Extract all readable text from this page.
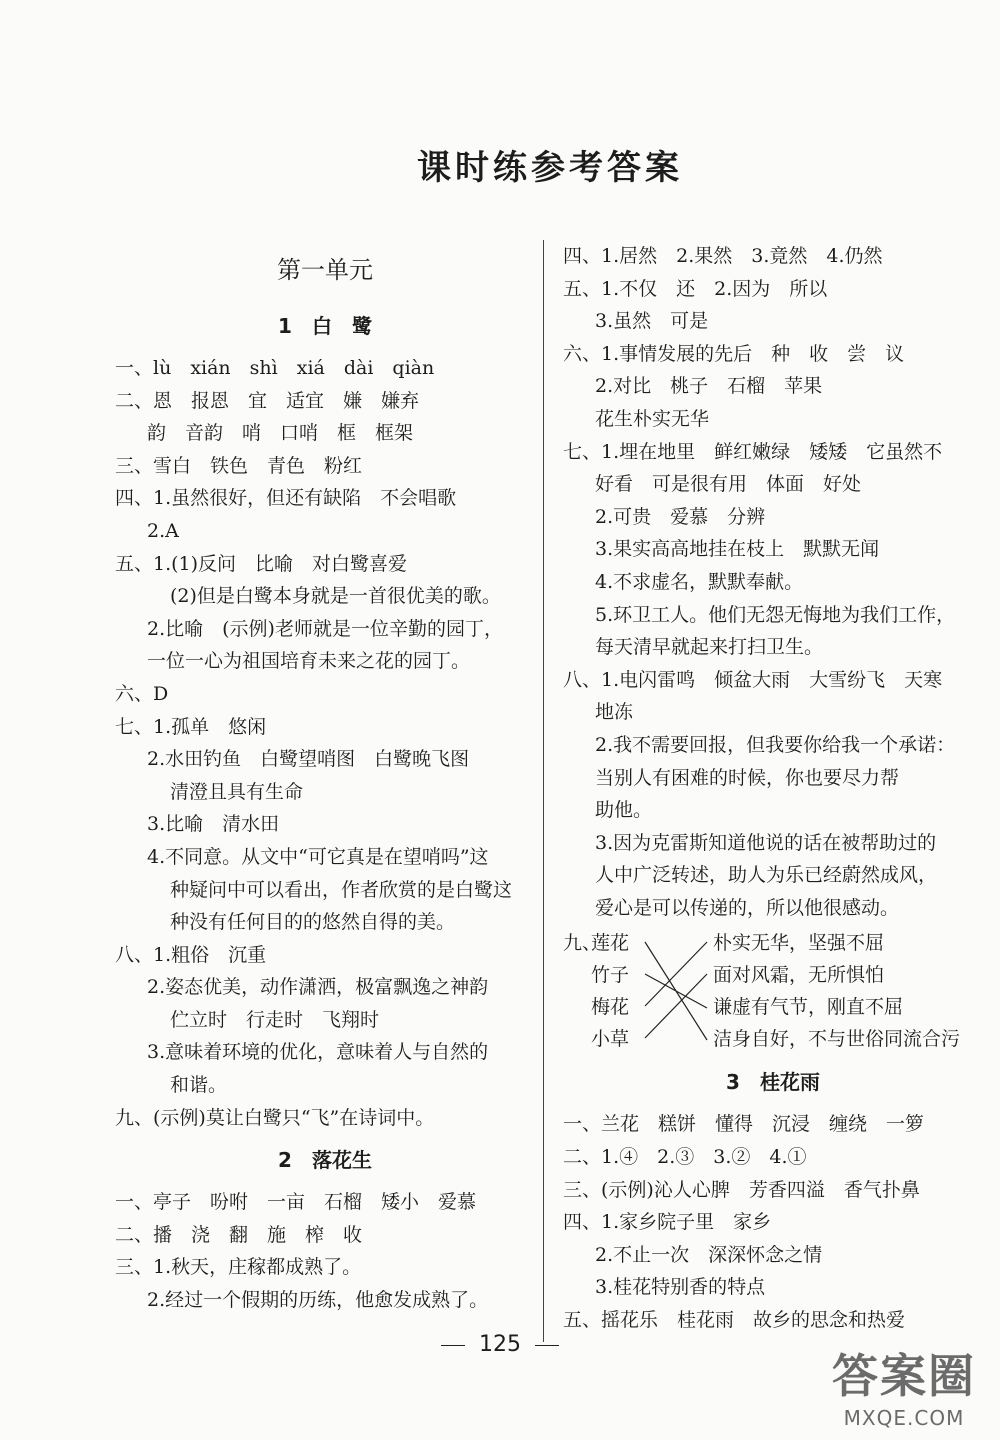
课时练参考答案
第一单元
1　白　鹭
一、lù　xián　shì　xiá　dài　qiàn
二、恩　报恩　宜　适宜　嫌　嫌弃
韵　音韵　哨　口哨　框　框架
三、雪白　铁色　青色　粉红
四、1.虽然很好，但还有缺陷　不会唱歌
2.A
五、1.(1)反问　比喻　对白鹭喜爱
(2)但是白鹭本身就是一首很优美的歌。
2.比喻　(示例)老师就是一位辛勤的园丁，
一位一心为祖国培育未来之花的园丁。
六、D
七、1.孤单　悠闲
2.水田钓鱼　白鹭望哨图　白鹭晚飞图
清澄且具有生命
3.比喻　清水田
4.不同意。从文中“可它真是在望哨吗”这
种疑问中可以看出，作者欣赏的是白鹭这
种没有任何目的的悠然自得的美。
八、1.粗俗　沉重
2.姿态优美，动作潇洒，极富飘逸之神韵
伫立时　行走时　飞翔时
3.意味着环境的优化，意味着人与自然的
和谐。
九、(示例)莫让白鹭只“飞”在诗词中。
2　落花生
一、亭子　吩咐　一亩　石榴　矮小　爱慕
二、播　浇　翻　施　榨　收
三、1.秋天，庄稼都成熟了。
2.经过一个假期的历练，他愈发成熟了。
四、1.居然　2.果然　3.竟然　4.仍然
五、1.不仅　还　2.因为　所以
3.虽然　可是
六、1.事情发展的先后　种　收　尝　议
2.对比　桃子　石榴　苹果
花生朴实无华
七、1.埋在地里　鲜红嫩绿　矮矮　它虽然不
好看　可是很有用　体面　好处
2.可贵　爱慕　分辨
3.果实高高地挂在枝上　默默无闻
4.不求虚名，默默奉献。
5.环卫工人。他们无怨无悔地为我们工作，
每天清早就起来打扫卫生。
八、1.电闪雷鸣　倾盆大雨　大雪纷飞　天寒
地冻
2.我不需要回报，但我要你给我一个承诺：
当别人有困难的时候，你也要尽力帮
助他。
3.因为克雷斯知道他说的话在被帮助过的
人中广泛转述，助人为乐已经蔚然成风，
爱心是可以传递的，所以他很感动。
九、
莲花
竹子
梅花
小草
朴实无华，坚强不屈
面对风霜，无所惧怕
谦虚有气节，刚直不屈
洁身自好，不与世俗同流合污
3　桂花雨
一、兰花　糕饼　懂得　沉浸　缠绕　一箩
二、1.④　2.③　3.②　4.①
三、(示例)沁人心脾　芳香四溢　香气扑鼻
四、1.家乡院子里　家乡
2.不止一次　深深怀念之情
3.桂花特别香的特点
五、摇花乐　桂花雨　故乡的思念和热爱
125
答案圈
MXQE.COM
